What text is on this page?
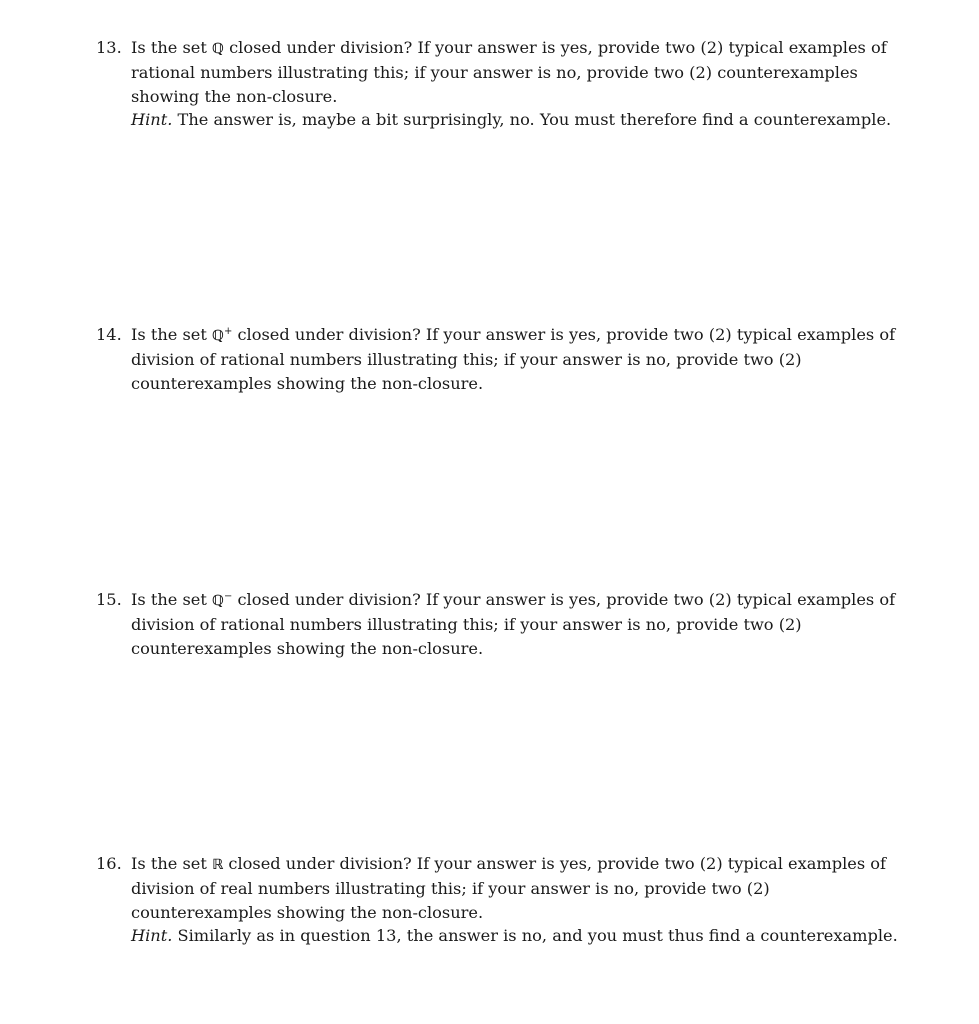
13. Is the set ℚ closed under division? If your answer is yes, provide two (2) typical examples of
rational numbers illustrating this; if your answer is no, provide two (2) counterexamples
showing the non-closure.
Hint. The answer is, maybe a bit surprisingly, no. You must therefore find a counterexample.
14. Is the set ℚ+ closed under division? If your answer is yes, provide two (2) typical examples of
division of rational numbers illustrating this; if your answer is no, provide two (2)
counterexamples showing the non-closure.
15. Is the set ℚ− closed under division? If your answer is yes, provide two (2) typical examples of
division of rational numbers illustrating this; if your answer is no, provide two (2)
counterexamples showing the non-closure.
16. Is the set ℝ closed under division? If your answer is yes, provide two (2) typical examples of
division of real numbers illustrating this; if your answer is no, provide two (2)
counterexamples showing the non-closure.
Hint. Similarly as in question 13, the answer is no, and you must thus find a counterexample.
